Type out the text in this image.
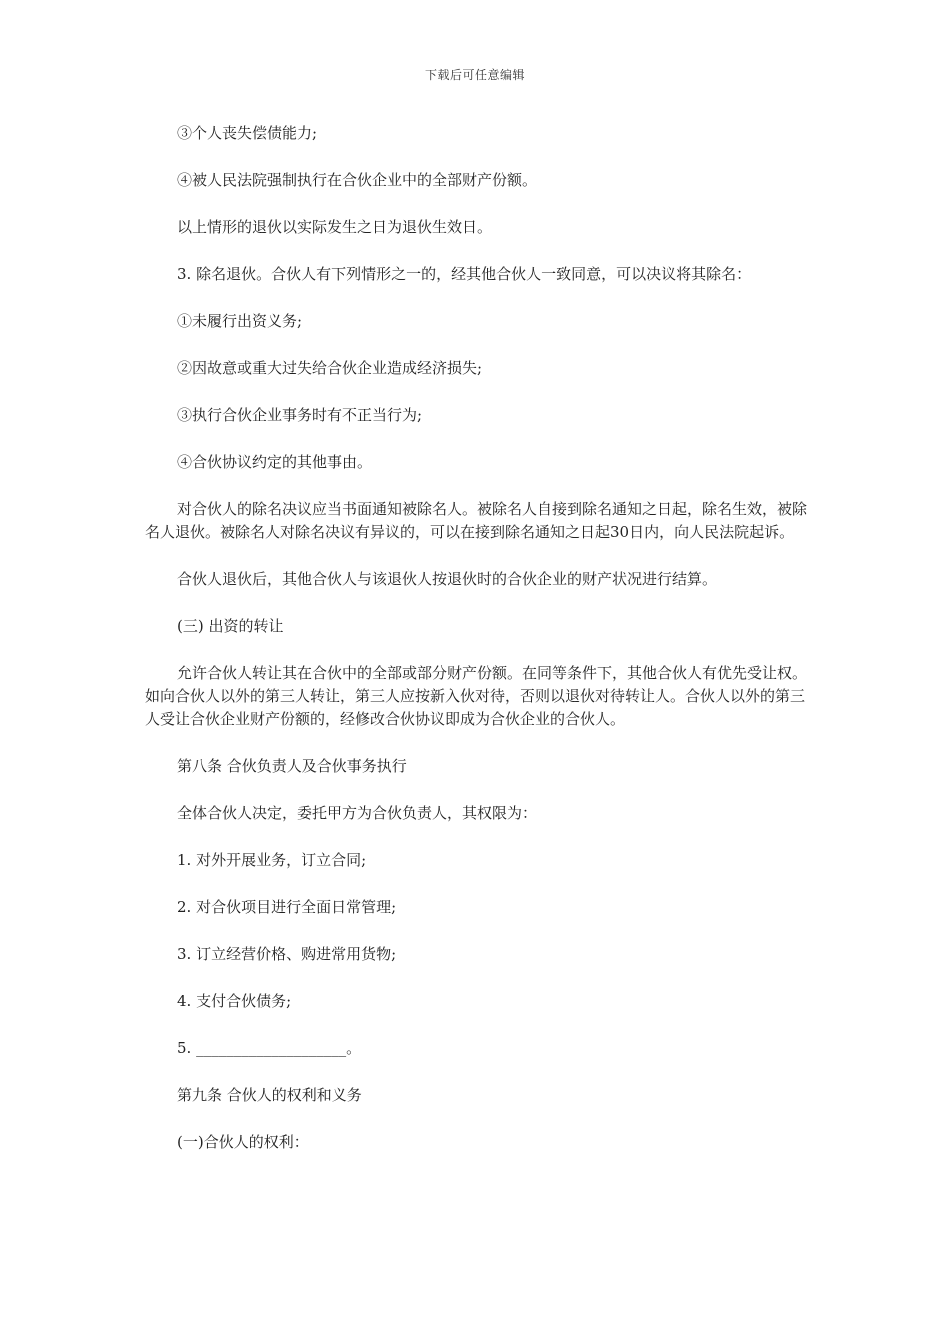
下载后可任意编辑

③个人丧失偿债能力;

④被人民法院强制执行在合伙企业中的全部财产份额。

以上情形的退伙以实际发生之日为退伙生效日。

3. 除名退伙。合伙人有下列情形之一的，经其他合伙人一致同意，可以决议将其除名：

①未履行出资义务;

②因故意或重大过失给合伙企业造成经济损失;

③执行合伙企业事务时有不正当行为;

④合伙协议约定的其他事由。

对合伙人的除名决议应当书面通知被除名人。被除名人自接到除名通知之日起，除名生效，被除名人退伙。被除名人对除名决议有异议的，可以在接到除名通知之日起30日内，向人民法院起诉。

合伙人退伙后，其他合伙人与该退伙人按退伙时的合伙企业的财产状况进行结算。

(三) 出资的转让

允许合伙人转让其在合伙中的全部或部分财产份额。在同等条件下，其他合伙人有优先受让权。如向合伙人以外的第三人转让，第三人应按新入伙对待，否则以退伙对待转让人。合伙人以外的第三人受让合伙企业财产份额的，经修改合伙协议即成为合伙企业的合伙人。

第八条 合伙负责人及合伙事务执行

全体合伙人决定，委托甲方为合伙负责人，其权限为：

1. 对外开展业务，订立合同;

2. 对合伙项目进行全面日常管理;

3. 订立经营价格、购进常用货物;

4. 支付合伙债务;

5. ____________________。

第九条 合伙人的权利和义务

(一)合伙人的权利：
